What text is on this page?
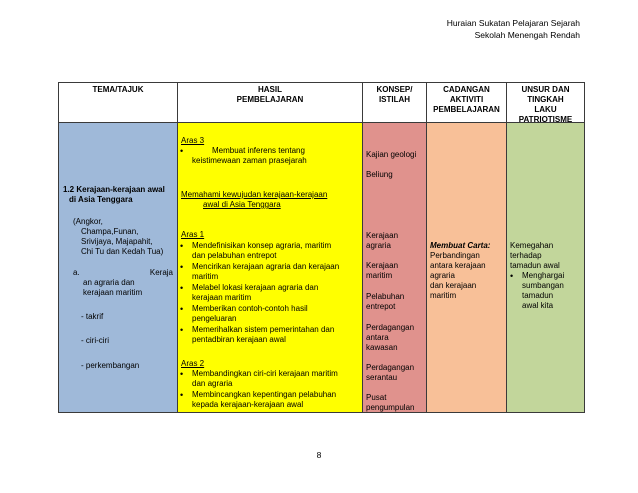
Huraian Sukatan Pelajaran Sejarah
Sekolah Menengah Rendah
TEMA/TAJUK	HASIL
PEMBELAJARAN
KONSEP/
ISTILAH
CADANGAN
AKTIVITI
PEMBELAJARAN
UNSUR DAN
TINGKAH
LAKU
PATRIOTISME
1.2 Kerajaan-kerajaan awal
di Asia Tenggara
(Angkor,
Champa,Funan,
Srivijaya, Majapahit,
Chi Tu dan Kedah Tua)
a.	Keraja
an agraria dan
kerajaan maritim
- takrif
- ciri-ciri
- perkembangan
Aras 3
• Membuat inferens tentang
keistimewaan zaman prasejarah
Memahami kewujudan kerajaan-kerajaan
awal di Asia Tenggara
Aras 1
• Mendefinisikan konsep agraria, maritim
dan pelabuhan entrepot
• Mencirikan kerajaan agraria dan kerajaan
maritim
• Melabel lokasi kerajaan agraria dan
kerajaan maritim
• Memberikan contoh-contoh hasil
pengeluaran
• Memerihalkan sistem pemerintahan dan
pentadbiran kerajaan awal
Aras 2
• Membandingkan ciri-ciri kerajaan maritim
dan agraria
• Membincangkan kepentingan pelabuhan
kepada kerajaan-kerajaan awal
Kajian geologi
Beliung
Kerajaan
agraria
Kerajaan
maritim
Pelabuhan
entrepot
Perdagangan
antara
kawasan
Perdagangan
serantau
Pusat
pengumpulan
Membuat Carta:
Perbandingan
antara kerajaan
agraria
dan kerajaan
maritim
Kemegahan
terhadap
tamadun awal
• Menghargai
sumbangan
tamadun
awal kita
8
